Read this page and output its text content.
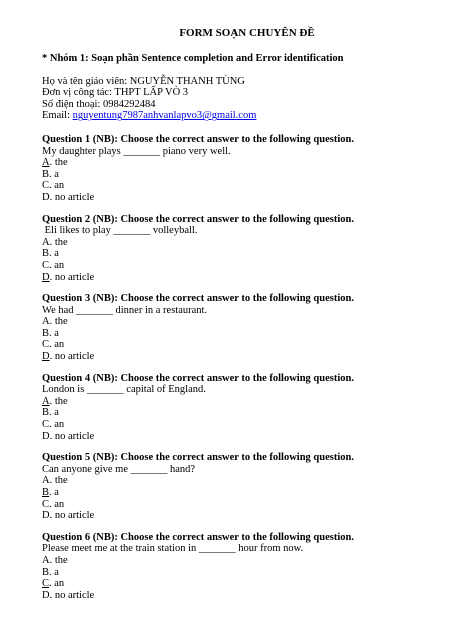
FORM SOẠN CHUYÊN ĐỀ
* Nhóm 1: Soạn phần Sentence completion and Error identification
Họ và tên giáo viên: NGUYỄN THANH TÙNG
Đơn vị công tác: THPT LẤP VÒ 3
Số điện thoại: 0984292484
Email: nguyentung7987anhvanlapvo3@gmail.com
Question 1 (NB): Choose the correct answer to the following question.
My daughter plays _______ piano very well.
A. the
B. a
C. an
D. no article
Question 2 (NB): Choose the correct answer to the following question.
Eli likes to play _______ volleyball.
A. the
B. a
C. an
D. no article
Question 3 (NB): Choose the correct answer to the following question.
We had _______ dinner in a restaurant.
A. the
B. a
C. an
D. no article
Question 4 (NB): Choose the correct answer to the following question.
London is _______ capital of England.
A. the
B. a
C. an
D. no article
Question 5 (NB): Choose the correct answer to the following question.
Can anyone give me _______ hand?
A. the
B. a
C. an
D. no article
Question 6 (NB): Choose the correct answer to the following question.
Please meet me at the train station in _______ hour from now.
A. the
B. a
C. an
D. no article
